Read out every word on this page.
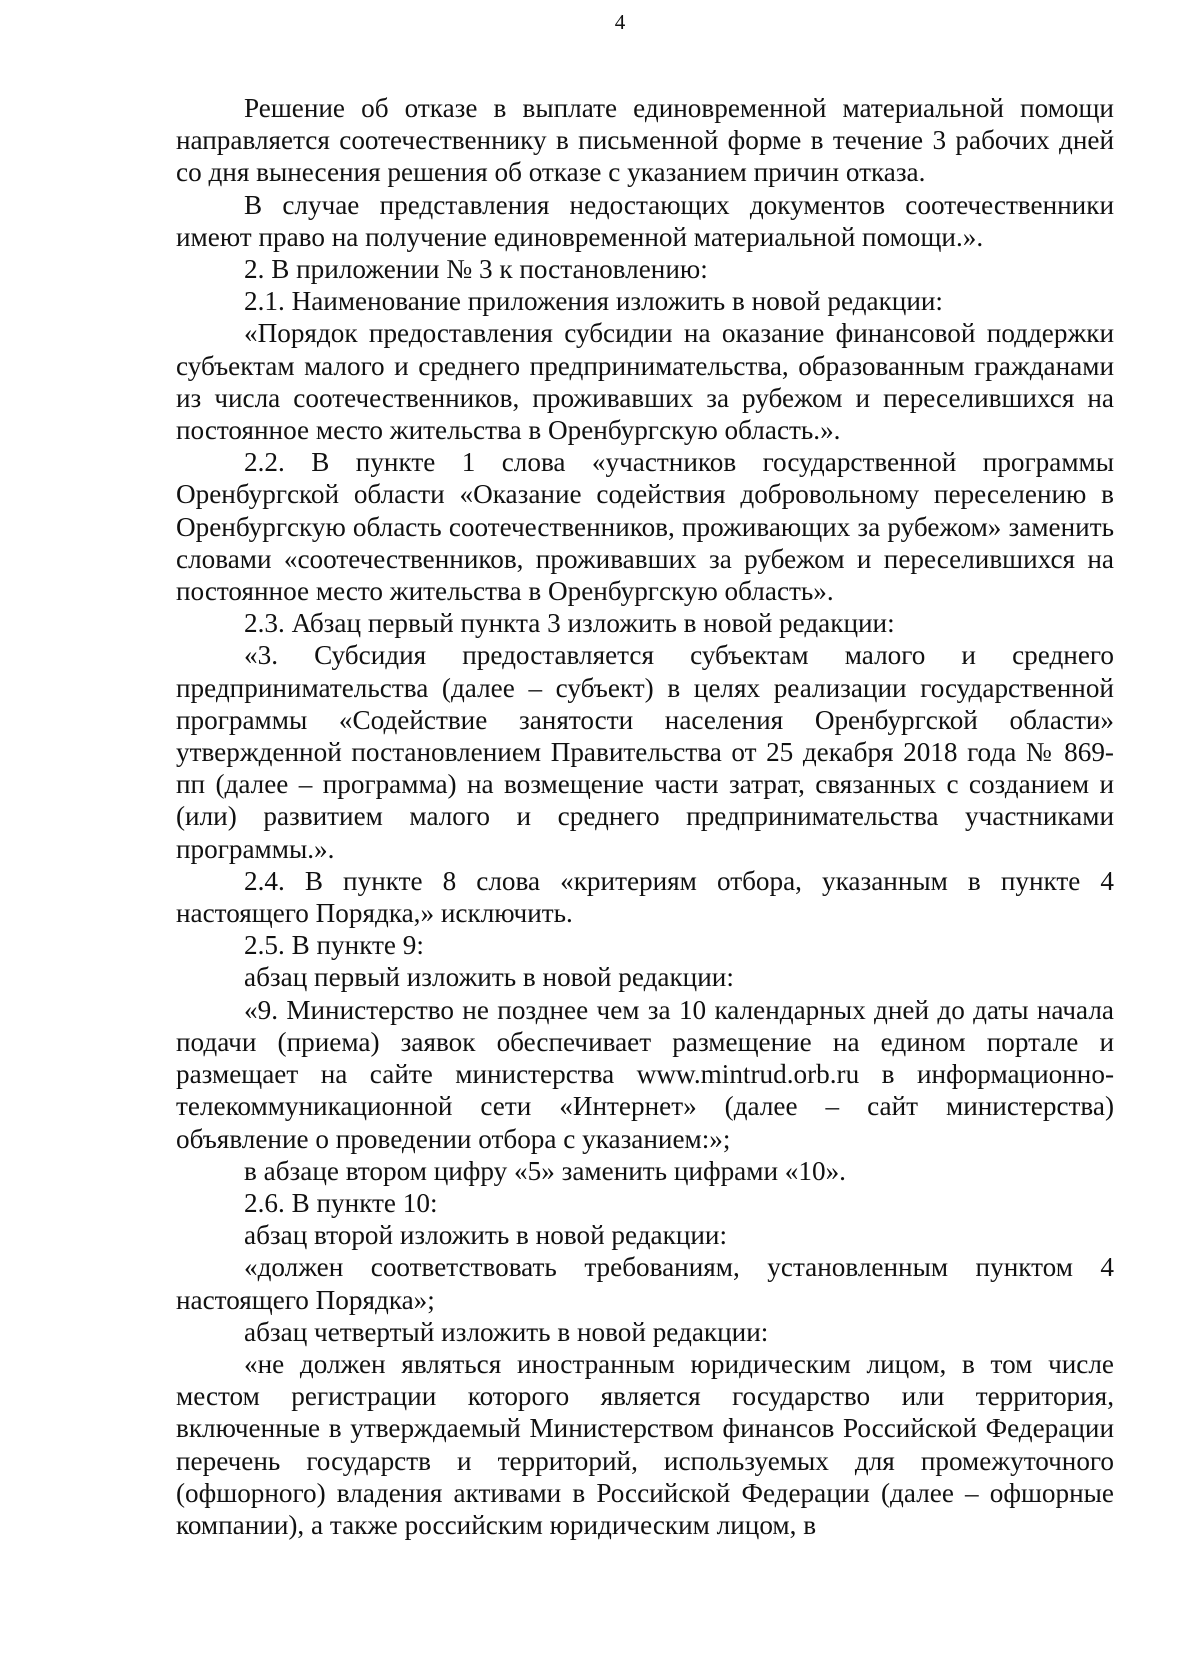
4

Решение об отказе в выплате единовременной материальной помощи направляется соотечественнику в письменной форме в течение 3 рабочих дней со дня вынесения решения об отказе с указанием причин отказа.

В случае представления недостающих документов соотечественники имеют право на получение единовременной материальной помощи.».

2. В приложении № 3 к постановлению:

2.1. Наименование приложения изложить в новой редакции:

«Порядок предоставления субсидии на оказание финансовой поддержки субъектам малого и среднего предпринимательства, образованным гражданами из числа соотечественников, проживавших за рубежом и переселившихся на постоянное место жительства в Оренбургскую область.».

2.2. В пункте 1 слова «участников государственной программы Оренбургской области «Оказание содействия добровольному переселению в Оренбургскую область соотечественников, проживающих за рубежом» заменить словами «соотечественников, проживавших за рубежом и переселившихся на постоянное место жительства в Оренбургскую область».

2.3. Абзац первый пункта 3 изложить в новой редакции:

«3. Субсидия предоставляется субъектам малого и среднего предпринимательства (далее – субъект) в целях реализации государственной программы «Содействие занятости населения Оренбургской области» утвержденной постановлением Правительства от 25 декабря 2018 года № 869-пп (далее – программа) на возмещение части затрат, связанных с созданием и (или) развитием малого и среднего предпринимательства участниками программы.».

2.4. В пункте 8 слова «критериям отбора, указанным в пункте 4 настоящего Порядка,» исключить.

2.5. В пункте 9:

абзац первый изложить в новой редакции:

«9. Министерство не позднее чем за 10 календарных дней до даты начала подачи (приема) заявок обеспечивает размещение на едином портале и размещает на сайте министерства www.mintrud.orb.ru в информационно-телекоммуникационной сети «Интернет» (далее – сайт министерства) объявление о проведении отбора с указанием:»;

в абзаце втором цифру «5» заменить цифрами «10».

2.6. В пункте 10:

абзац второй изложить в новой редакции:

«должен соответствовать требованиям, установленным пунктом 4 настоящего Порядка»;

абзац четвертый изложить в новой редакции:

«не должен являться иностранным юридическим лицом, в том числе местом регистрации которого является государство или территория, включенные в утверждаемый Министерством финансов Российской Федерации перечень государств и территорий, используемых для промежуточного (офшорного) владения активами в Российской Федерации (далее – офшорные компании), а также российским юридическим лицом, в
